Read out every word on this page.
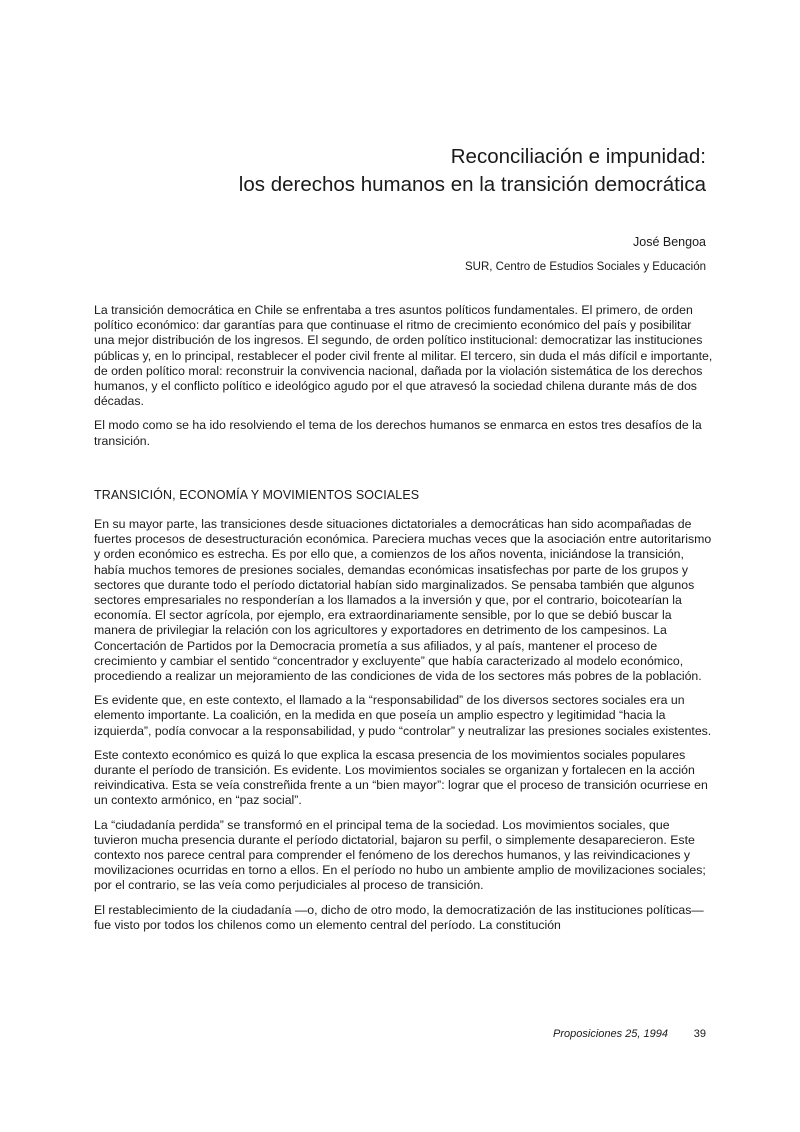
Reconciliación e impunidad:
los derechos humanos en la transición democrática
José Bengoa
SUR, Centro de Estudios Sociales y Educación

La transición democrática en Chile se enfrentaba a tres asuntos políticos fundamentales. El primero, de orden político económico: dar garantías para que continuase el ritmo de crecimiento económico del país y posibilitar una mejor distribución de los ingresos. El segundo, de orden político institucional: democratizar las instituciones públicas y, en lo principal, restablecer el poder civil frente al militar. El tercero, sin duda el más difícil e importante, de orden político moral: reconstruir la convivencia nacional, dañada por la violación sistemática de los derechos humanos, y el conflicto político e ideológico agudo por el que atravesó la sociedad chilena durante más de dos décadas.

El modo como se ha ido resolviendo el tema de los derechos humanos se enmarca en estos tres desafíos de la transición.

TRANSICIÓN, ECONOMÍA Y MOVIMIENTOS SOCIALES

En su mayor parte, las transiciones desde situaciones dictatoriales a democráticas han sido acompañadas de fuertes procesos de desestructuración económica. Pareciera muchas veces que la asociación entre autoritarismo y orden económico es estrecha. Es por ello que, a comienzos de los años noventa, iniciándose la transición, había muchos temores de presiones sociales, demandas económicas insatisfechas por parte de los grupos y sectores que durante todo el período dictatorial habían sido marginalizados. Se pensaba también que algunos sectores empresariales no responderían a los llamados a la inversión y que, por el contrario, boicotearían la economía. El sector agrícola, por ejemplo, era extraordinariamente sensible, por lo que se debió buscar la manera de privilegiar la relación con los agricultores y exportadores en detrimento de los campesinos. La Concertación de Partidos por la Democracia prometía a sus afiliados, y al país, mantener el proceso de crecimiento y cambiar el sentido “concentrador y excluyente” que había caracterizado al modelo económico, procediendo a realizar un mejoramiento de las condiciones de vida de los sectores más pobres de la población.

Es evidente que, en este contexto, el llamado a la “responsabilidad” de los diversos sectores sociales era un elemento importante. La coalición, en la medida en que poseía un amplio espectro y legitimidad “hacia la izquierda”, podía convocar a la responsabilidad, y pudo “controlar” y neutralizar las presiones sociales existentes.

Este contexto económico es quizá lo que explica la escasa presencia de los movimientos sociales populares durante el período de transición. Es evidente. Los movimientos sociales se organizan y fortalecen en la acción reivindicativa. Esta se veía constreñida frente a un “bien mayor”: lograr que el proceso de transición ocurriese en un contexto armónico, en “paz social”.

La “ciudadanía perdida” se transformó en el principal tema de la sociedad. Los movimientos sociales, que tuvieron mucha presencia durante el período dictatorial, bajaron su perfil, o simplemente desaparecieron. Este contexto nos parece central para comprender el fenómeno de los derechos humanos, y las reivindicaciones y movilizaciones ocurridas en torno a ellos. En el período no hubo un ambiente amplio de movilizaciones sociales; por el contrario, se las veía como perjudiciales al proceso de transición.

El restablecimiento de la ciudadanía —o, dicho de otro modo, la democratización de las instituciones políticas— fue visto por todos los chilenos como un elemento central del período. La constitución

Proposiciones 25, 1994 39
